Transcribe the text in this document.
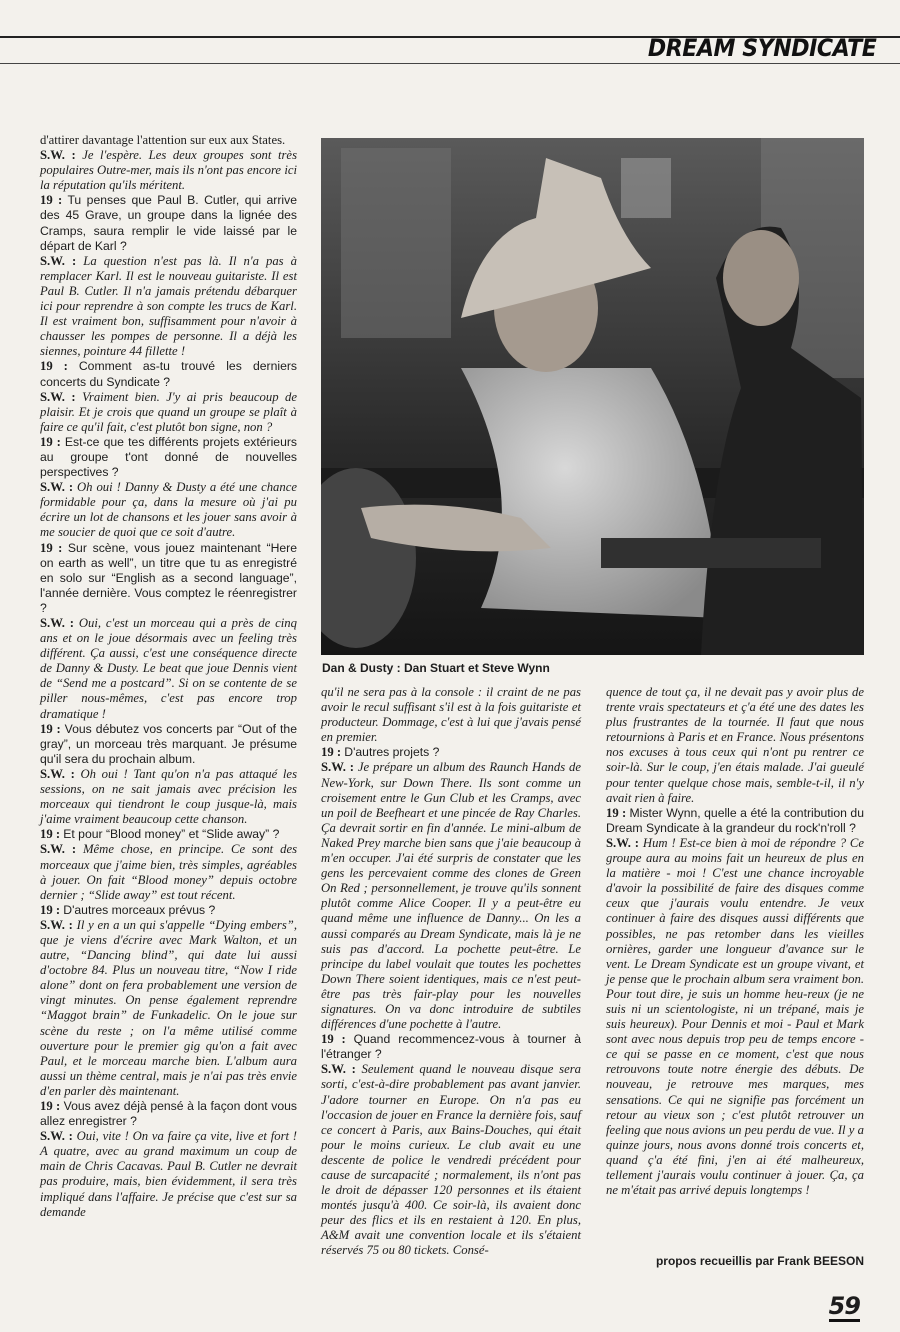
DREAM SYNDICATE

d'attirer davantage l'attention sur eux aux States.

S.W. : Je l'espère. Les deux groupes sont très populaires Outre-mer, mais ils n'ont pas encore ici la réputation qu'ils méritent.

19 : Tu penses que Paul B. Cutler, qui arrive des 45 Grave, un groupe dans la lignée des Cramps, saura remplir le vide laissé par le départ de Karl ?

S.W. : La question n'est pas là. Il n'a pas à remplacer Karl. Il est le nouveau guitariste. Il est Paul B. Cutler. Il n'a jamais prétendu débarquer ici pour reprendre à son compte les trucs de Karl. Il est vraiment bon, suffisamment pour n'avoir à chausser les pompes de personne. Il a déjà les siennes, pointure 44 fillette !

19 : Comment as-tu trouvé les derniers concerts du Syndicate ?

S.W. : Vraiment bien. J'y ai pris beaucoup de plaisir. Et je crois que quand un groupe se plaît à faire ce qu'il fait, c'est plutôt bon signe, non ?

19 : Est-ce que tes différents projets extérieurs au groupe t'ont donné de nouvelles perspectives ?

S.W. : Oh oui ! Danny & Dusty a été une chance formidable pour ça, dans la mesure où j'ai pu écrire un lot de chansons et les jouer sans avoir à me soucier de quoi que ce soit d'autre.

19 : Sur scène, vous jouez maintenant “Here on earth as well”, un titre que tu as enregistré en solo sur “English as a second language”, l'année dernière. Vous comptez le réenregistrer ?

S.W. : Oui, c'est un morceau qui a près de cinq ans et on le joue désormais avec un feeling très différent. Ça aussi, c'est une conséquence directe de Danny & Dusty. Le beat que joue Dennis vient de “Send me a postcard”. Si on se contente de se piller nous-mêmes, c'est pas encore trop dramatique !

19 : Vous débutez vos concerts par “Out of the gray”, un morceau très marquant. Je présume qu'il sera du prochain album.

S.W. : Oh oui ! Tant qu'on n'a pas attaqué les sessions, on ne sait jamais avec précision les morceaux qui tiendront le coup jusque-là, mais j'aime vraiment beaucoup cette chanson.

19 : Et pour “Blood money” et “Slide away” ?

S.W. : Même chose, en principe. Ce sont des morceaux que j'aime bien, très simples, agréables à jouer. On fait “Blood money” depuis octobre dernier ; “Slide away” est tout récent.

19 : D'autres morceaux prévus ?

S.W. : Il y en a un qui s'appelle “Dying embers”, que je viens d'écrire avec Mark Walton, et un autre, “Dancing blind”, qui date lui aussi d'octobre 84. Plus un nouveau titre, “Now I ride alone” dont on fera probablement une version de vingt minutes. On pense également reprendre “Maggot brain” de Funkadelic. On le joue sur scène du reste ; on l'a même utilisé comme ouverture pour le premier gig qu'on a fait avec Paul, et le morceau marche bien. L'album aura aussi un thème central, mais je n'ai pas très envie d'en parler dès maintenant.

19 : Vous avez déjà pensé à la façon dont vous allez enregistrer ?

S.W. : Oui, vite ! On va faire ça vite, live et fort ! A quatre, avec au grand maximum un coup de main de Chris Cacavas. Paul B. Cutler ne devrait pas produire, mais, bien évidemment, il sera très impliqué dans l'affaire. Je précise que c'est sur sa demande

Dan & Dusty : Dan Stuart et Steve Wynn

qu'il ne sera pas à la console : il craint de ne pas avoir le recul suffisant s'il est à la fois guitariste et producteur. Dommage, c'est à lui que j'avais pensé en premier.

19 : D'autres projets ?

S.W. : Je prépare un album des Raunch Hands de New-York, sur Down There. Ils sont comme un croisement entre le Gun Club et les Cramps, avec un poil de Beefheart et une pincée de Ray Charles. Ça devrait sortir en fin d'année. Le mini-album de Naked Prey marche bien sans que j'aie beaucoup à m'en occuper. J'ai été surpris de constater que les gens les percevaient comme des clones de Green On Red ; personnellement, je trouve qu'ils sonnent plutôt comme Alice Cooper. Il y a peut-être eu quand même une influence de Danny... On les a aussi comparés au Dream Syndicate, mais là je ne suis pas d'accord. La pochette peut-être. Le principe du label voulait que toutes les pochettes Down There soient identiques, mais ce n'est peut-être pas très fair-play pour les nouvelles signatures. On va donc introduire de subtiles différences d'une pochette à l'autre.

19 : Quand recommencez-vous à tourner à l'étranger ?

S.W. : Seulement quand le nouveau disque sera sorti, c'est-à-dire probablement pas avant janvier. J'adore tourner en Europe. On n'a pas eu l'occasion de jouer en France la dernière fois, sauf ce concert à Paris, aux Bains-Douches, qui était pour le moins curieux. Le club avait eu une descente de police le vendredi précédent pour cause de surcapacité ; normalement, ils n'ont pas le droit de dépasser 120 personnes et ils étaient montés jusqu'à 400. Ce soir-là, ils avaient donc peur des flics et ils en restaient à 120. En plus, A&M avait une convention locale et ils s'étaient réservés 75 ou 80 tickets. Consé-

quence de tout ça, il ne devait pas y avoir plus de trente vrais spectateurs et ç'a été une des dates les plus frustrantes de la tournée. Il faut que nous retournions à Paris et en France. Nous présentons nos excuses à tous ceux qui n'ont pu rentrer ce soir-là. Sur le coup, j'en étais malade. J'ai gueulé pour tenter quelque chose mais, semble-t-il, il n'y avait rien à faire.

19 : Mister Wynn, quelle a été la contribution du Dream Syndicate à la grandeur du rock'n'roll ?

S.W. : Hum ! Est-ce bien à moi de répondre ? Ce groupe aura au moins fait un heureux de plus en la matière - moi ! C'est une chance incroyable d'avoir la possibilité de faire des disques comme ceux que j'aurais voulu entendre. Je veux continuer à faire des disques aussi différents que possibles, ne pas retomber dans les vieilles ornières, garder une longueur d'avance sur le vent. Le Dream Syndicate est un groupe vivant, et je pense que le prochain album sera vraiment bon. Pour tout dire, je suis un homme heu-reux (je ne suis ni un scientologiste, ni un trépané, mais je suis heureux). Pour Dennis et moi - Paul et Mark sont avec nous depuis trop peu de temps encore - ce qui se passe en ce moment, c'est que nous retrouvons toute notre énergie des débuts. De nouveau, je retrouve mes marques, mes sensations. Ce qui ne signifie pas forcément un retour au vieux son ; c'est plutôt retrouver un feeling que nous avions un peu perdu de vue. Il y a quinze jours, nous avons donné trois concerts et, quand ç'a été fini, j'en ai été malheureux, tellement j'aurais voulu continuer à jouer. Ça, ça ne m'était pas arrivé depuis longtemps !

propos recueillis par Frank BEESON
59
